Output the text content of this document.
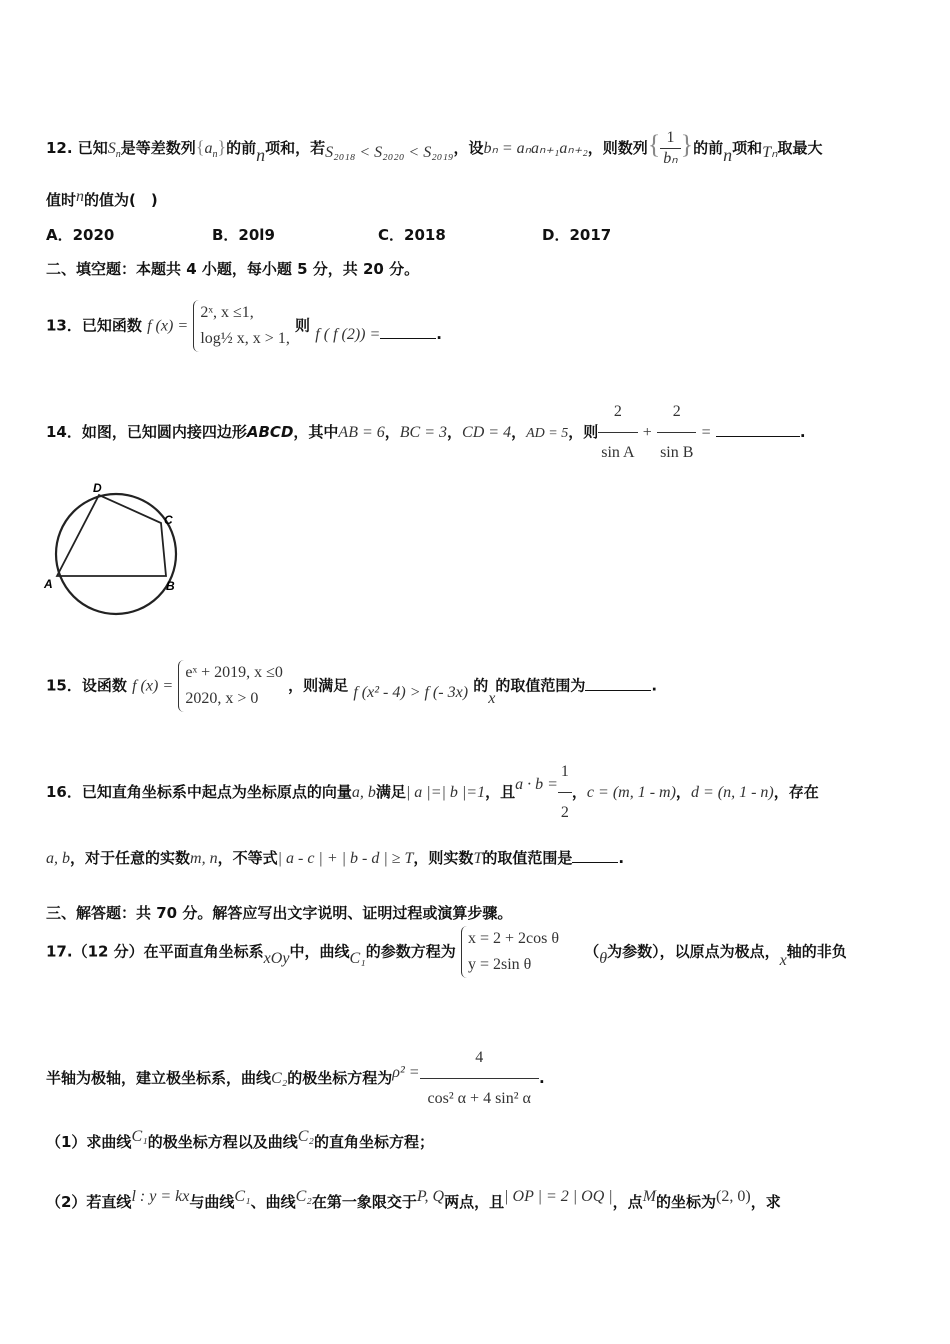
12. 已知$S_n$是等差数列$\{a_n\}$的前n项和，若S₂₀₁₈ < S₂₀₂₀ < S₂₀₁₉，设bₙ = aₙaₙ₊₁aₙ₊₂，则数列{ $\frac{1}{\text{bₙ}}$ }的前n项和Tₙ取最大
值时n的值为(　)
A．2020	B．20l9	C．2018	D．2017
二、填空题：本题共 4 小题，每小题 5 分，共 20 分。
13．已知函数 f (x) =
2ˣ, x ≤1,
log½ x, x > 1,
则 f ( f (2)) =	.
14．如图，已知圆内接四边形ABCD，其中AB = 6，BC = 3，CD = 4，AD = 5，则 $\frac{2}{\text{sin A}} + \frac{2}{\text{sin B}}$ =	.
A	B
C
D
15．设函数 f (x) =
eˣ + 2019, x ≤0
2020, x > 0
，则满足 f (x² - 4) > f (- 3x) 的x的取值范围为	.
16．已知直角坐标系中起点为坐标原点的向量a, b满足| a |=| b |=1，且$a \cdot b = \frac{1}{2}$ ，c = (m, 1 - m)，d = (n, 1 - n)，存在
a, b，对于任意的实数m, n，不等式| a - c | + | b - d | ≥ T，则实数T的取值范围是	.
三、解答题：共 70 分。解答应写出文字说明、证明过程或演算步骤。
17.（12 分）在平面直角坐标系xOy中，曲线C₁的参数方程为
x = 2 + 2cos θ
y = 2sin θ
（θ为参数），以原点为极点，x轴的非负
半轴为极轴，建立极坐标系，曲线C₂的极坐标方程为$\rho^2 = \frac{4}{\text{cos² α + 4 sin² α}}$ .
（1）求曲线C₁的极坐标方程以及曲线C₂的直角坐标方程；
（2）若直线l : y = kx与曲线C₁、曲线C₂在第一象限交于P, Q两点，且| OP | = 2 | OQ |，点M的坐标为(2, 0)，求
